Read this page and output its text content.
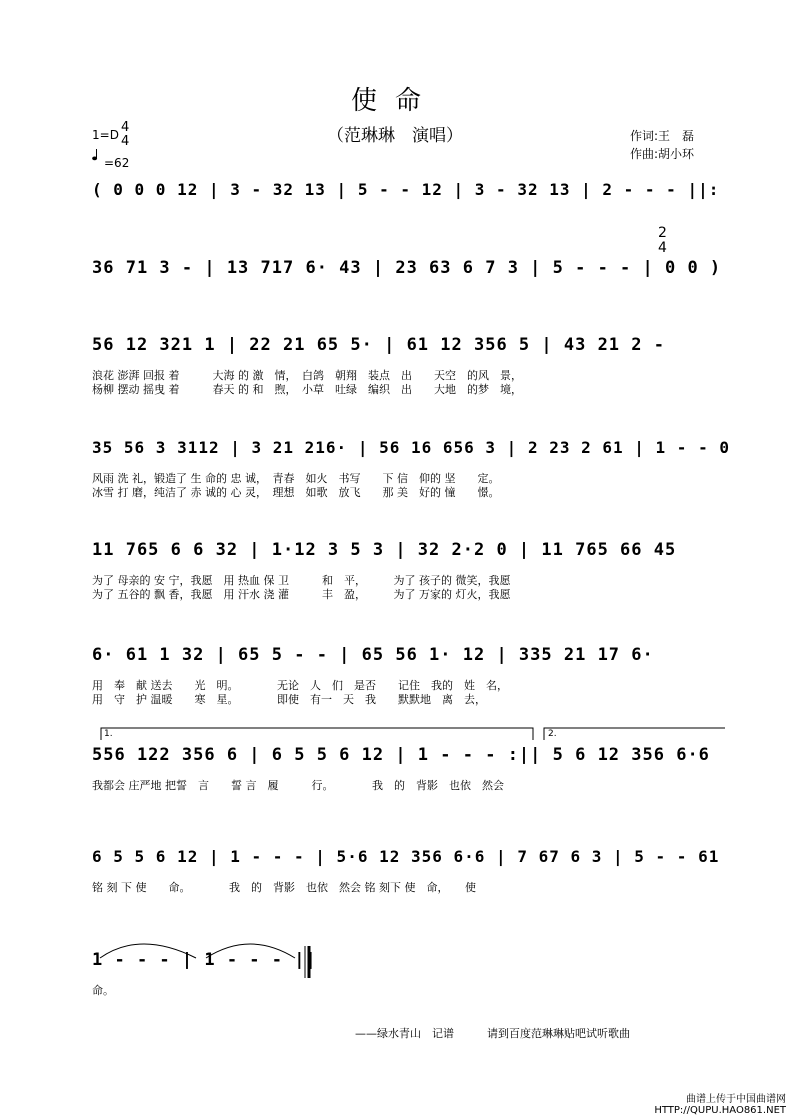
使命
（范琳琳　演唱）
1=D 4
4
=62
作词:王　磊
作曲:胡小环
2
4
1.	2.
( 0 0 0 12 | 3 - 32 13 | 5 - - 12 | 3 - 32 13 | 2 - - - ||:
36 71 3 - | 13 717 6· 43 | 23 63 6 7 3 | 5 - - - | 0 0 )
56 12 321 1 | 22 21 65 5· | 61 12 356 5 | 43 21 2 -
浪花 澎湃 回报 着　　　大海 的 激　情，　白鸽　朝翔　装点　出　　天空　的风　景，
杨柳 摆动 摇曳 着　　　春天 的 和　煦，　小草　吐绿　编织　出　　大地　的梦　境，
35 56 3 3112 | 3 21 216· | 56 16 656 3 | 2 23 2 61 | 1 - - 0
风雨 洗 礼，锻造了 生 命的 忠 诚，　青春　如火　书写　　下 信　仰的 坚　　定。
冰雪 打 磨，纯洁了 赤 诚的 心 灵，　理想　如歌　放飞　　那 美　好的 憧　　憬。
11 765 6 6 32 | 1·12 3 5 3 | 32 2·2 0 | 11 765 66 45
为了 母亲的 安 宁，我愿　用 热血 保 卫　　　和　平，　　　为了 孩子的 微笑，我愿
为了 五谷的 飘 香，我愿　用 汗水 浇 灌　　　丰　盈，　　　为了 万家的 灯火，我愿
6· 61 1 32 | 65 5 - - | 65 56 1· 12 | 335 21 17 6·
用　奉　献 送去　　光　明。　　　　无论　人　们　是否　　记住　我的　姓　名，
用　守　护 温暖　　寒　星。　　　　即使　有一　天　我　　默默地　离　去，
556 122 356 6 | 6 5 5 6 12 | 1 - - - :|| 5 6 12 356 6·6
我都会 庄严地 把誓　言　　誓 言　履　　　行。　　　　我　的　背影　也依　然会
6 5 5 6 12 | 1 - - - | 5·6 12 356 6·6 | 7 67 6 3 | 5 - - 61
铭 刻 下 使　　命。　　　　我　的　背影　也依　然会 铭 刻下 使　命，　　使
1 - - - | 1 - - - ||
命。
——绿水青山　记谱　　　请到百度范琳琳贴吧试听歌曲
曲谱上传于中国曲谱网
HTTP://QUPU.HAO861.NET
